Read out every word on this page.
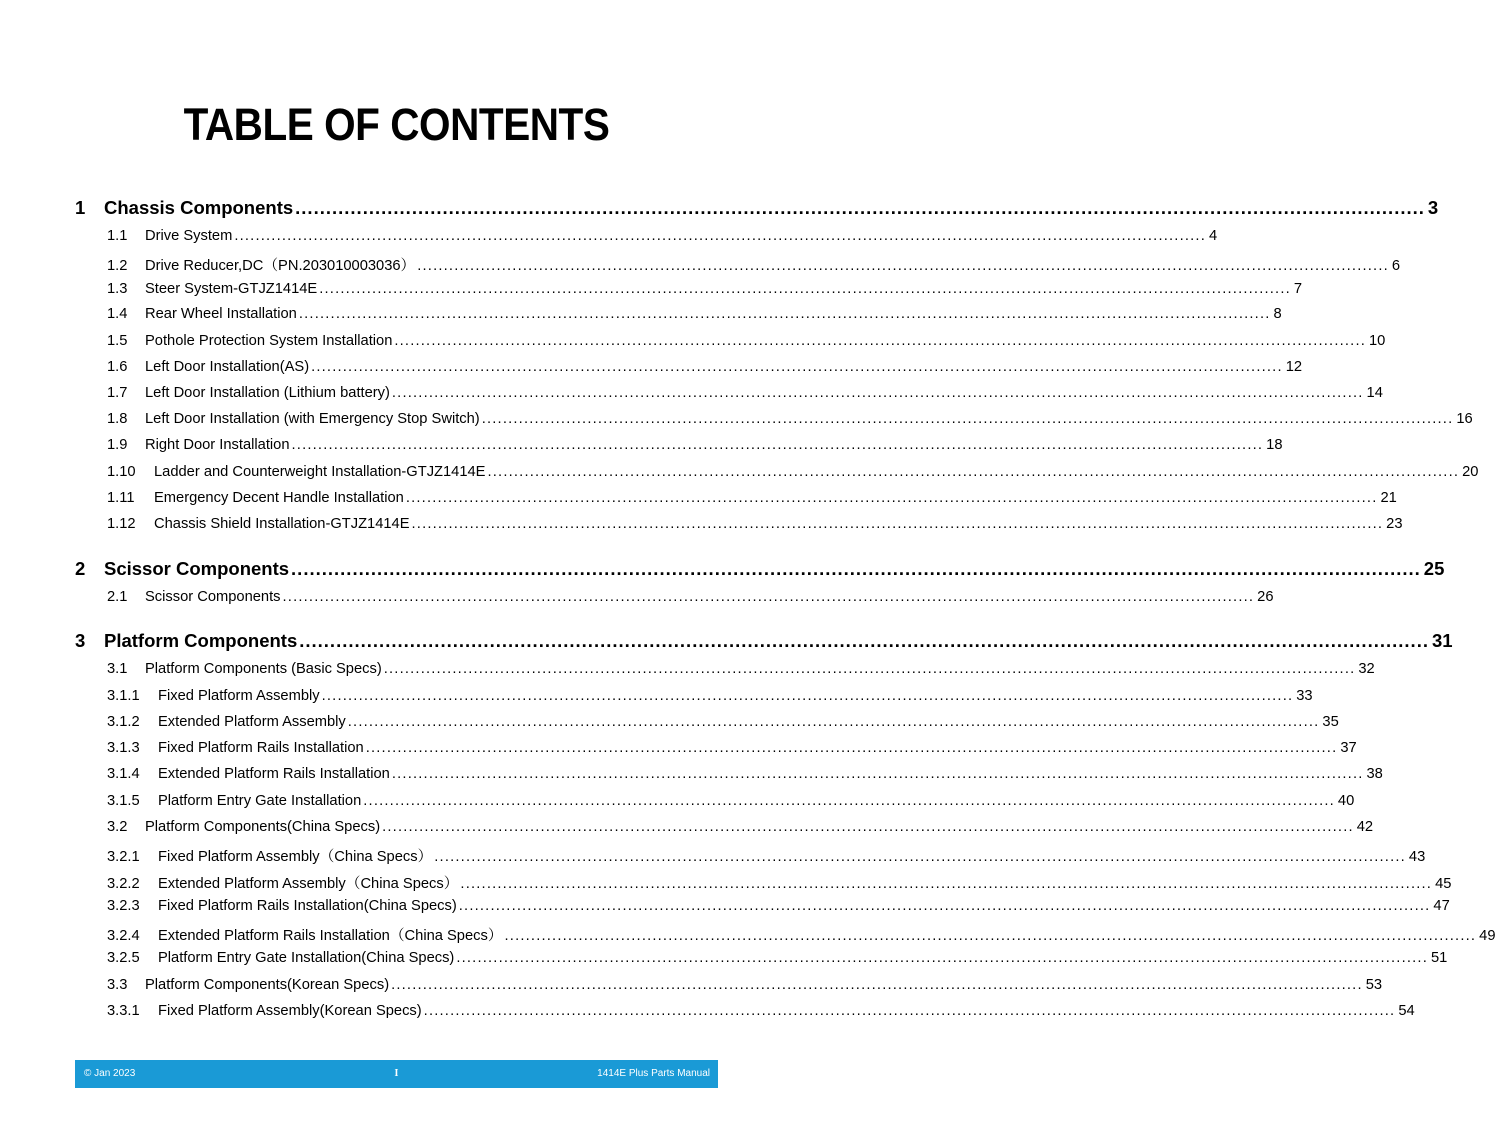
TABLE OF CONTENTS
1	Chassis Components ........................................................................................................................................................................................ 3
1.1	Drive System ........................................................................................................................................................................................ 4
1.2	Drive Reducer,DC（PN.203010003036） ........................................................................................................................................................................................ 6
1.3	Steer System-GTJZ1414E ........................................................................................................................................................................................ 7
1.4	Rear Wheel Installation ........................................................................................................................................................................................ 8
1.5	Pothole Protection System Installation ........................................................................................................................................................................................ 10
1.6	Left Door Installation(AS) ........................................................................................................................................................................................ 12
1.7	Left Door Installation (Lithium battery) ........................................................................................................................................................................................ 14
1.8	Left Door Installation (with Emergency Stop Switch) ........................................................................................................................................................................................ 16
1.9	Right Door Installation ........................................................................................................................................................................................ 18
1.10	Ladder and Counterweight Installation-GTJZ1414E ........................................................................................................................................................................................ 20
1.11	Emergency Decent Handle Installation ........................................................................................................................................................................................ 21
1.12	Chassis Shield Installation-GTJZ1414E ........................................................................................................................................................................................ 23
2	Scissor Components ........................................................................................................................................................................................ 25
2.1	Scissor Components ........................................................................................................................................................................................ 26
3	Platform Components ........................................................................................................................................................................................ 31
3.1	Platform Components (Basic Specs) ........................................................................................................................................................................................ 32
3.1.1	Fixed Platform Assembly ........................................................................................................................................................................................ 33
3.1.2	Extended Platform Assembly ........................................................................................................................................................................................ 35
3.1.3	Fixed Platform Rails Installation ........................................................................................................................................................................................ 37
3.1.4	Extended Platform Rails Installation ........................................................................................................................................................................................ 38
3.1.5	Platform Entry Gate Installation ........................................................................................................................................................................................ 40
3.2	Platform Components(China Specs) ........................................................................................................................................................................................ 42
3.2.1	Fixed Platform Assembly（China Specs） ........................................................................................................................................................................................ 43
3.2.2	Extended Platform Assembly（China Specs） ........................................................................................................................................................................................ 45
3.2.3	Fixed Platform Rails Installation(China Specs) ........................................................................................................................................................................................ 47
3.2.4	Extended Platform Rails Installation（China Specs） ........................................................................................................................................................................................ 49
3.2.5	Platform Entry Gate Installation(China Specs) ........................................................................................................................................................................................ 51
3.3	Platform Components(Korean Specs) ........................................................................................................................................................................................ 53
3.3.1	Fixed Platform Assembly(Korean Specs) ........................................................................................................................................................................................ 54
© Jan 2023	I	1414E Plus Parts Manual
